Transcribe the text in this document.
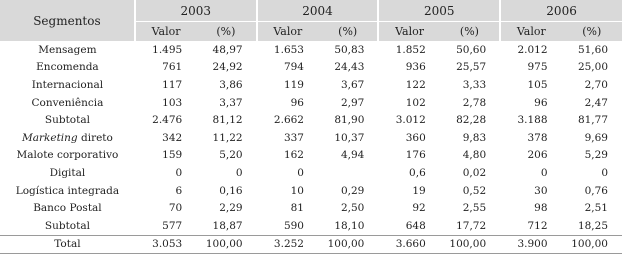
Segmentos	2003		2004		2005		2006	
	Valor	(%)	Valor	(%)	Valor	(%)	Valor	(%)
Mensagem	1.495	48,97	1.653	50,83	1.852	50,60	2.012	51,60
Encomenda	761	24,92	794	24,43	936	25,57	975	25,00
Internacional	117	3,86	119	3,67	122	3,33	105	2,70
Conveniência	103	3,37	96	2,97	102	2,78	96	2,47
Subtotal	2.476	81,12	2.662	81,90	3.012	82,28	3.188	81,77
Marketing direto	342	11,22	337	10,37	360	9,83	378	9,69
Malote corporativo	159	5,20	162	4,94	176	4,80	206	5,29
Digital	0	0	0		0,6	0,02	0	0
Logística integrada	6	0,16	10	0,29	19	0,52	30	0,76
Banco Postal	70	2,29	81	2,50	92	2,55	98	2,51
Subtotal	577	18,87	590	18,10	648	17,72	712	18,25
Total	3.053	100,00	3.252	100,00	3.660	100,00	3.900	100,00
